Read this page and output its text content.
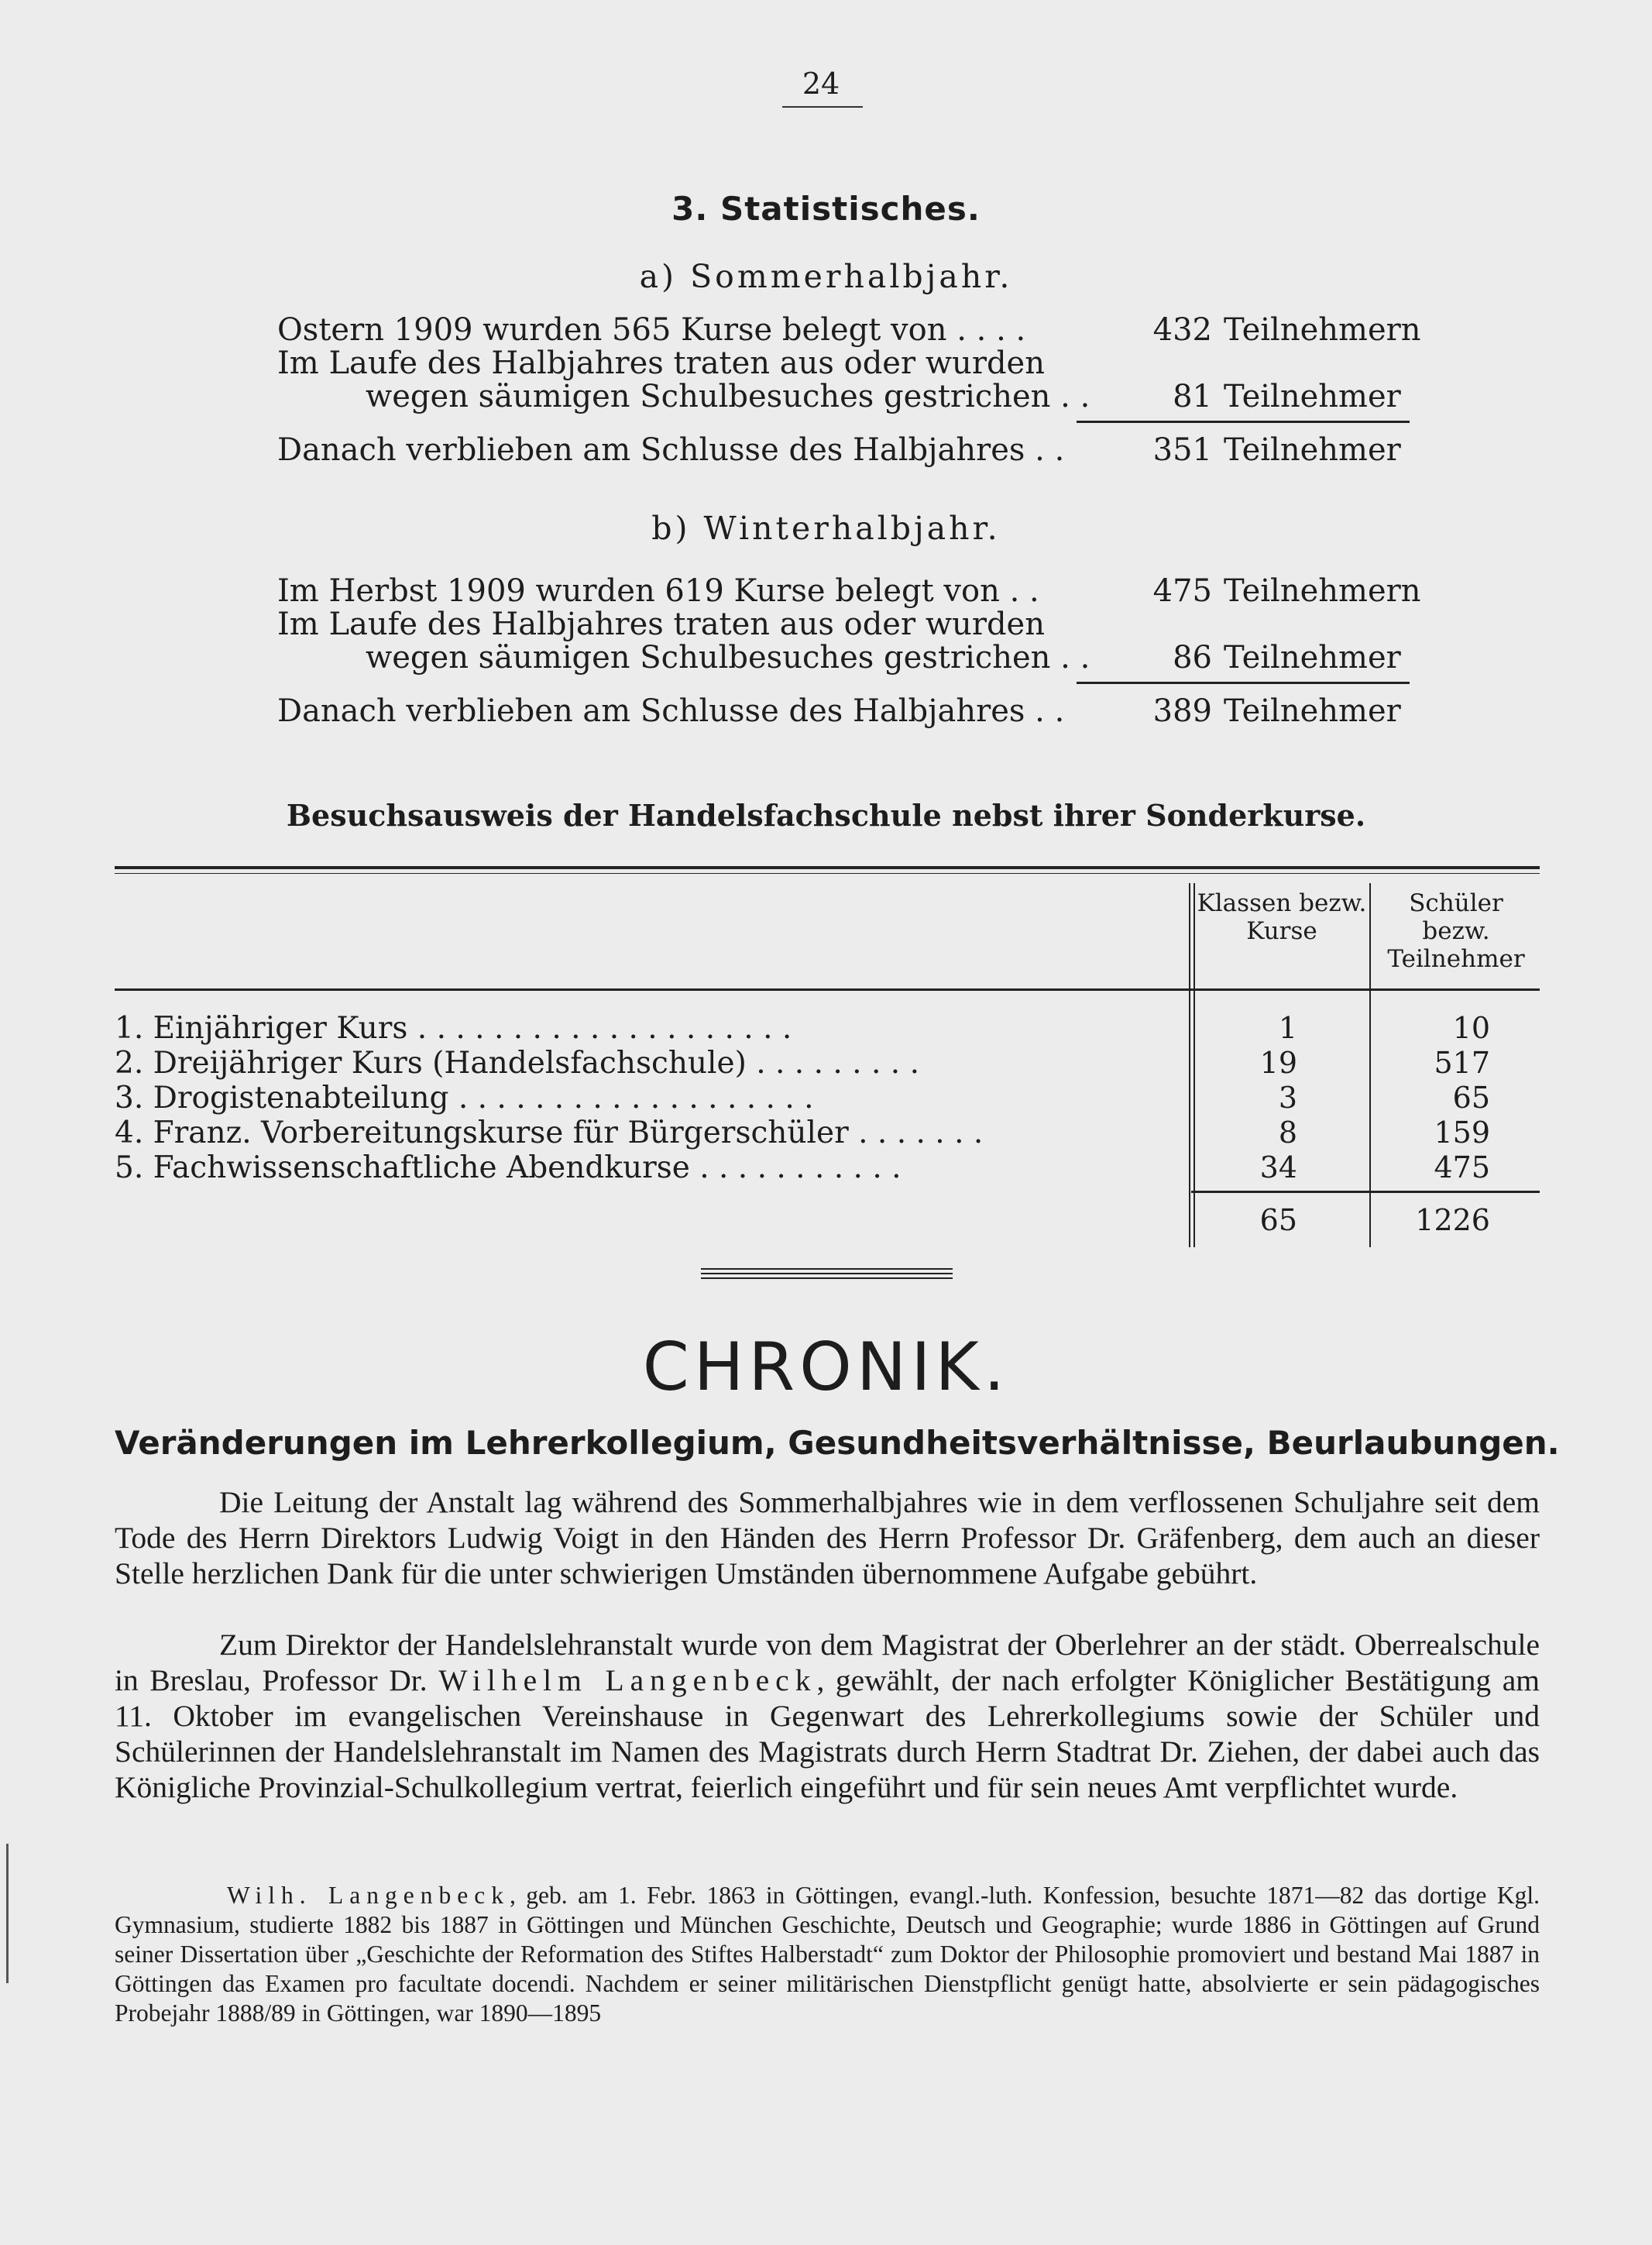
24
3. Statistisches.
a) Sommerhalbjahr.
Ostern 1909 wurden 565 Kurse belegt von . . . .	432 Teilnehmern
Im Laufe des Halbjahres traten aus oder wurden
wegen säumigen Schulbesuches gestrichen . .	81 Teilnehmer
Danach verblieben am Schlusse des Halbjahres . .	351 Teilnehmer
b) Winterhalbjahr.
Im Herbst 1909 wurden 619 Kurse belegt von . .	475 Teilnehmern
Im Laufe des Halbjahres traten aus oder wurden
wegen säumigen Schulbesuches gestrichen . .	86 Teilnehmer
Danach verblieben am Schlusse des Halbjahres . .	389 Teilnehmer
Besuchsausweis der Handelsfachschule nebst ihrer Sonderkurse.
Klassen bezw. Kurse
Schüler bezw. Teilnehmer
1. Einjähriger Kurs . . . . . . . . . . . . . . . . . . . .	1	10
2. Dreijähriger Kurs (Handelsfachschule) . . . . . . . . .	19	517
3. Drogistenabteilung . . . . . . . . . . . . . . . . . . .	3	65
4. Franz. Vorbereitungskurse für Bürgerschüler . . . . . . .	8	159
5. Fachwissenschaftliche Abendkurse . . . . . . . . . . .	34	475
65	1226
CHRONIK.
Veränderungen im Lehrerkollegium, Gesundheitsverhältnisse, Beurlaubungen.
Die Leitung der Anstalt lag während des Sommerhalbjahres wie in dem verflossenen Schuljahre seit dem Tode des Herrn Direktors Ludwig Voigt in den Händen des Herrn Professor Dr. Gräfenberg, dem auch an dieser Stelle herzlichen Dank für die unter schwierigen Umständen übernommene Aufgabe gebührt.
Zum Direktor der Handelslehranstalt wurde von dem Magistrat der Oberlehrer an der städt. Oberrealschule in Breslau, Professor Dr. Wilhelm Langenbeck, gewählt, der nach erfolgter Königlicher Bestätigung am 11. Oktober im evangelischen Vereinshause in Gegenwart des Lehrerkollegiums sowie der Schüler und Schülerinnen der Handelslehranstalt im Namen des Magistrats durch Herrn Stadtrat Dr. Ziehen, der dabei auch das Königliche Provinzial-Schulkollegium vertrat, feierlich eingeführt und für sein neues Amt verpflichtet wurde.
Wilh. Langenbeck, geb. am 1. Febr. 1863 in Göttingen, evangl.-luth. Konfession, besuchte 1871—82 das dortige Kgl. Gymnasium, studierte 1882 bis 1887 in Göttingen und München Geschichte, Deutsch und Geographie; wurde 1886 in Göttingen auf Grund seiner Dissertation über „Geschichte der Reformation des Stiftes Halberstadt“ zum Doktor der Philosophie promoviert und bestand Mai 1887 in Göttingen das Examen pro facultate docendi. Nachdem er seiner militärischen Dienstpflicht genügt hatte, absolvierte er sein pädagogisches Probejahr 1888/89 in Göttingen, war 1890—1895
